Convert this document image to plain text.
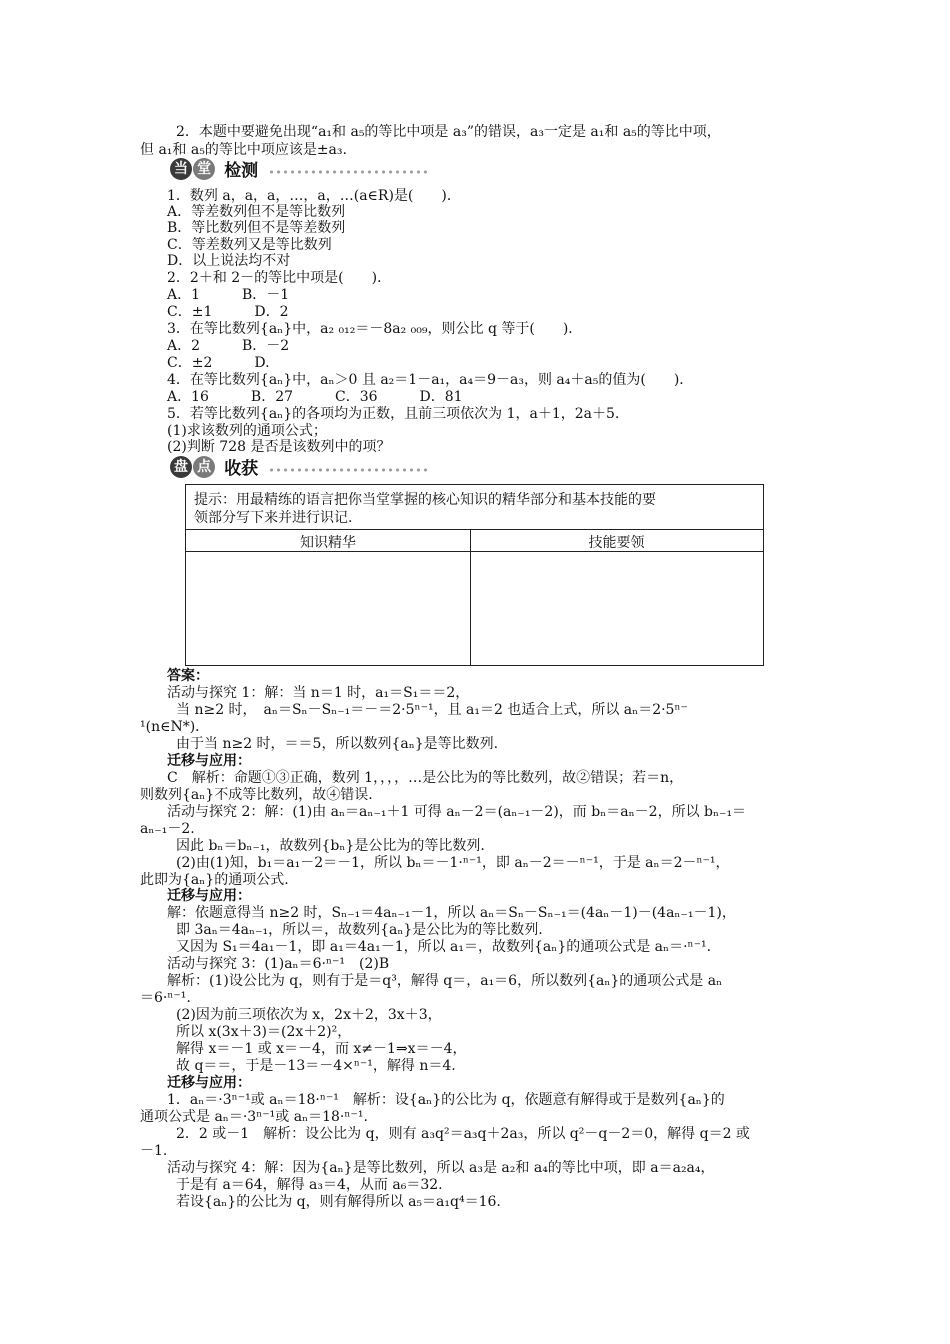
2．本题中要避免出现“a₁和 a₅的等比中项是 a₃”的错误，a₃一定是 a₁和 a₅的等比中项，
但 a₁和 a₅的等比中项应该是±a₃.
当 堂 检测
1．数列 a，a，a，…，a，…(a∈R)是(　　)．
A．等差数列但不是等比数列
B．等比数列但不是等差数列
C．等差数列又是等比数列
D．以上说法均不对
2．2＋和 2－的等比中项是(　　)．
A．1　　　B．－1
C．±1　　　D．2
3．在等比数列{aₙ}中，a₂ ₀₁₂＝－8a₂ ₀₀₉，则公比 q 等于(　　)．
A．2　　　B．－2
C．±2　　　D.
4．在等比数列{aₙ}中，aₙ＞0 且 a₂＝1－a₁，a₄＝9－a₃，则 a₄＋a₅的值为(　　)．
A．16　　　B．27　　　C．36　　　D．81
5．若等比数列{aₙ}的各项均为正数，且前三项依次为 1，a＋1，2a＋5.
(1)求该数列的通项公式；
(2)判断 728 是否是该数列中的项？
盘 点 收获
提示：用最精练的语言把你当堂掌握的核心知识的精华部分和基本技能的要
领部分写下来并进行识记.
知识精华	技能要领
答案：
活动与探究 1：解：当 n＝1 时，a₁＝S₁＝＝2，
当 n≥2 时，　aₙ＝Sₙ－Sₙ₋₁＝－＝2·5ⁿ⁻¹，且 a₁＝2 也适合上式，所以 aₙ＝2·5ⁿ⁻
¹(n∈N*)．
由于当 n≥2 时，＝＝5，所以数列{aₙ}是等比数列.
迁移与应用：
C　解析：命题①③正确，数列 1，，，，…是公比为的等比数列，故②错误；若＝n，
则数列{aₙ}不成等比数列，故④错误.
活动与探究 2：解：(1)由 aₙ＝aₙ₋₁＋1 可得 aₙ－2＝(aₙ₋₁－2)，而 bₙ＝aₙ－2，所以 bₙ₋₁＝
aₙ₋₁－2.
因此 bₙ＝bₙ₋₁，故数列{bₙ}是公比为的等比数列.
(2)由(1)知，b₁＝a₁－2＝－1，所以 bₙ＝－1·ⁿ⁻¹，即 aₙ－2＝－ⁿ⁻¹，于是 aₙ＝2－ⁿ⁻¹，
此即为{aₙ}的通项公式.
迁移与应用：
解：依题意得当 n≥2 时，Sₙ₋₁＝4aₙ₋₁－1，所以 aₙ＝Sₙ－Sₙ₋₁＝(4aₙ－1)－(4aₙ₋₁－1)，
即 3aₙ＝4aₙ₋₁，所以＝，故数列{aₙ}是公比为的等比数列.
又因为 S₁＝4a₁－1，即 a₁＝4a₁－1，所以 a₁＝，故数列{aₙ}的通项公式是 aₙ＝·ⁿ⁻¹.
活动与探究 3：(1)aₙ＝6·ⁿ⁻¹　(2)B
解析：(1)设公比为 q，则有于是＝q³，解得 q＝，a₁＝6，所以数列{aₙ}的通项公式是 aₙ
＝6·ⁿ⁻¹.
(2)因为前三项依次为 x，2x＋2，3x＋3，
所以 x(3x＋3)＝(2x＋2)²，
解得 x＝－1 或 x＝－4，而 x≠－1⇒x＝－4，
故 q＝＝，于是－13＝－4×ⁿ⁻¹，解得 n＝4.
迁移与应用：
1．aₙ＝·3ⁿ⁻¹或 aₙ＝18·ⁿ⁻¹　解析：设{aₙ}的公比为 q，依题意有解得或于是数列{aₙ}的
通项公式是 aₙ＝·3ⁿ⁻¹或 aₙ＝18·ⁿ⁻¹.
2．2 或－1　解析：设公比为 q，则有 a₃q²＝a₃q＋2a₃，所以 q²－q－2＝0，解得 q＝2 或
－1.
活动与探究 4：解：因为{aₙ}是等比数列，所以 a₃是 a₂和 a₄的等比中项，即 a＝a₂a₄，
于是有 a＝64，解得 a₃＝4，从而 a₆＝32.
若设{aₙ}的公比为 q，则有解得所以 a₅＝a₁q⁴＝16.
